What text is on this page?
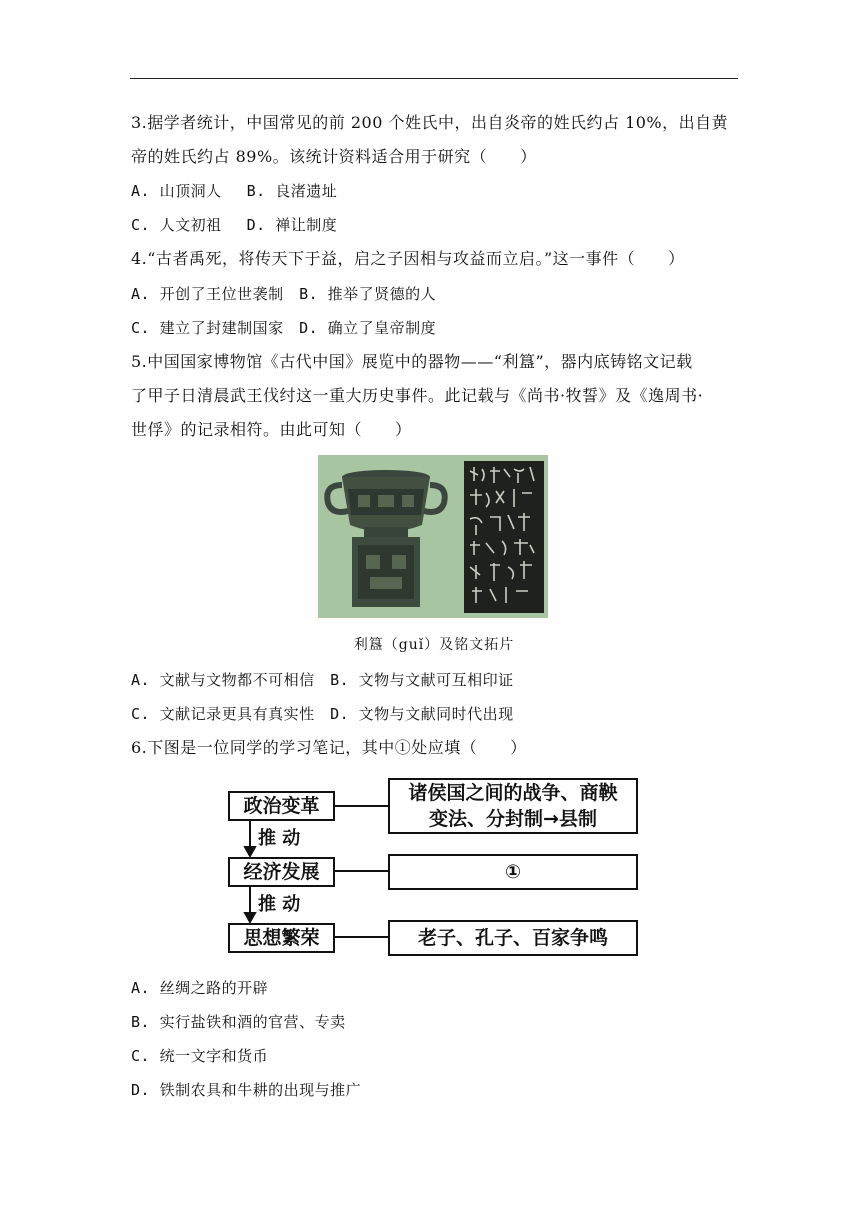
3.据学者统计，中国常见的前 200 个姓氏中，出自炎帝的姓氏约占 10%，出自黄
帝的姓氏约占 89%。该统计资料适合用于研究（　　）
A. 山顶洞人　 B. 良渚遗址
C. 人文初祖　 D. 禅让制度
4.“古者禹死，将传天下于益，启之子因相与攻益而立启。”这一事件（　　）
A. 开创了王位世袭制　B. 推举了贤德的人
C. 建立了封建制国家　D. 确立了皇帝制度
5.中国国家博物馆《古代中国》展览中的器物——“利簋”，器内底铸铭文记载
了甲子日清晨武王伐纣这一重大历史事件。此记载与《尚书·牧誓》及《逸周书·
世俘》的记录相符。由此可知（　　）
利簋（guǐ）及铭文拓片
A. 文献与文物都不可相信　B. 文物与文献可互相印证
C. 文献记录更具有真实性　D. 文物与文献同时代出现
6.下图是一位同学的学习笔记，其中①处应填（　　）
政治变革
诸侯国之间的战争、商鞅
变法、分封制→县制
推 动
经济发展	①
推 动
思想繁荣	老子、孔子、百家争鸣
A. 丝绸之路的开辟
B. 实行盐铁和酒的官营、专卖
C. 统一文字和货币
D. 铁制农具和牛耕的出现与推广
